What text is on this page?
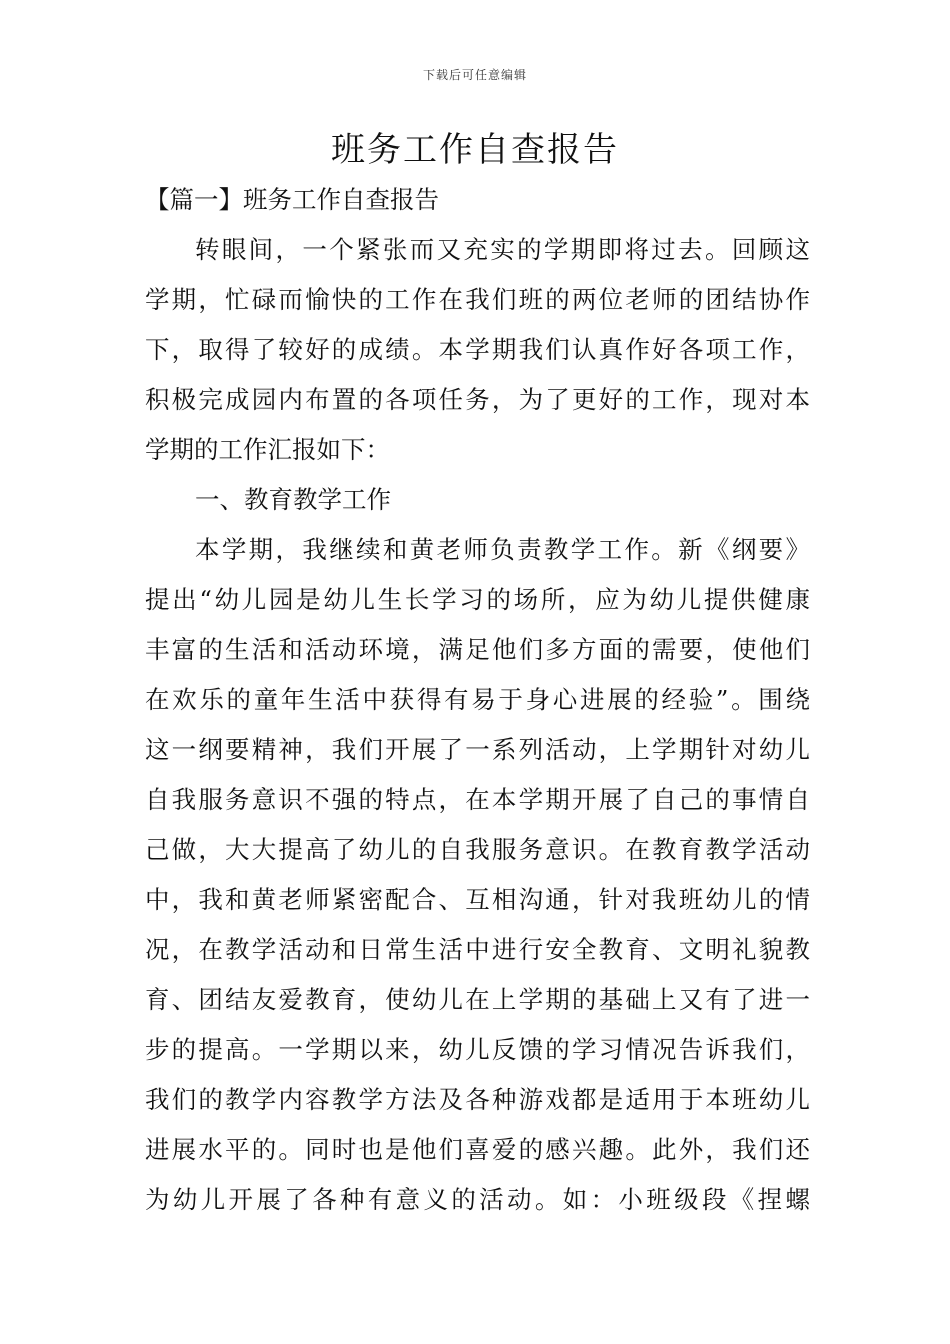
下载后可任意编辑
班务工作自查报告
【篇一】班务工作自查报告
转眼间，一个紧张而又充实的学期即将过去。回顾这
学期，忙碌而愉快的工作在我们班的两位老师的团结协作
下，取得了较好的成绩。本学期我们认真作好各项工作，
积极完成园内布置的各项任务，为了更好的工作，现对本
学期的工作汇报如下：
一、教育教学工作
本学期，我继续和黄老师负责教学工作。新《纲要》
提出“幼儿园是幼儿生长学习的场所，应为幼儿提供健康
丰富的生活和活动环境，满足他们多方面的需要，使他们
在欢乐的童年生活中获得有易于身心进展的经验”。围绕
这一纲要精神，我们开展了一系列活动，上学期针对幼儿
自我服务意识不强的特点，在本学期开展了自己的事情自
己做，大大提高了幼儿的自我服务意识。在教育教学活动
中，我和黄老师紧密配合、互相沟通，针对我班幼儿的情
况，在教学活动和日常生活中进行安全教育、文明礼貌教
育、团结友爱教育，使幼儿在上学期的基础上又有了进一
步的提高。一学期以来，幼儿反馈的学习情况告诉我们，
我们的教学内容教学方法及各种游戏都是适用于本班幼儿
进展水平的。同时也是他们喜爱的感兴趣。此外，我们还
为幼儿开展了各种有意义的活动。如：小班级段《捏螺
